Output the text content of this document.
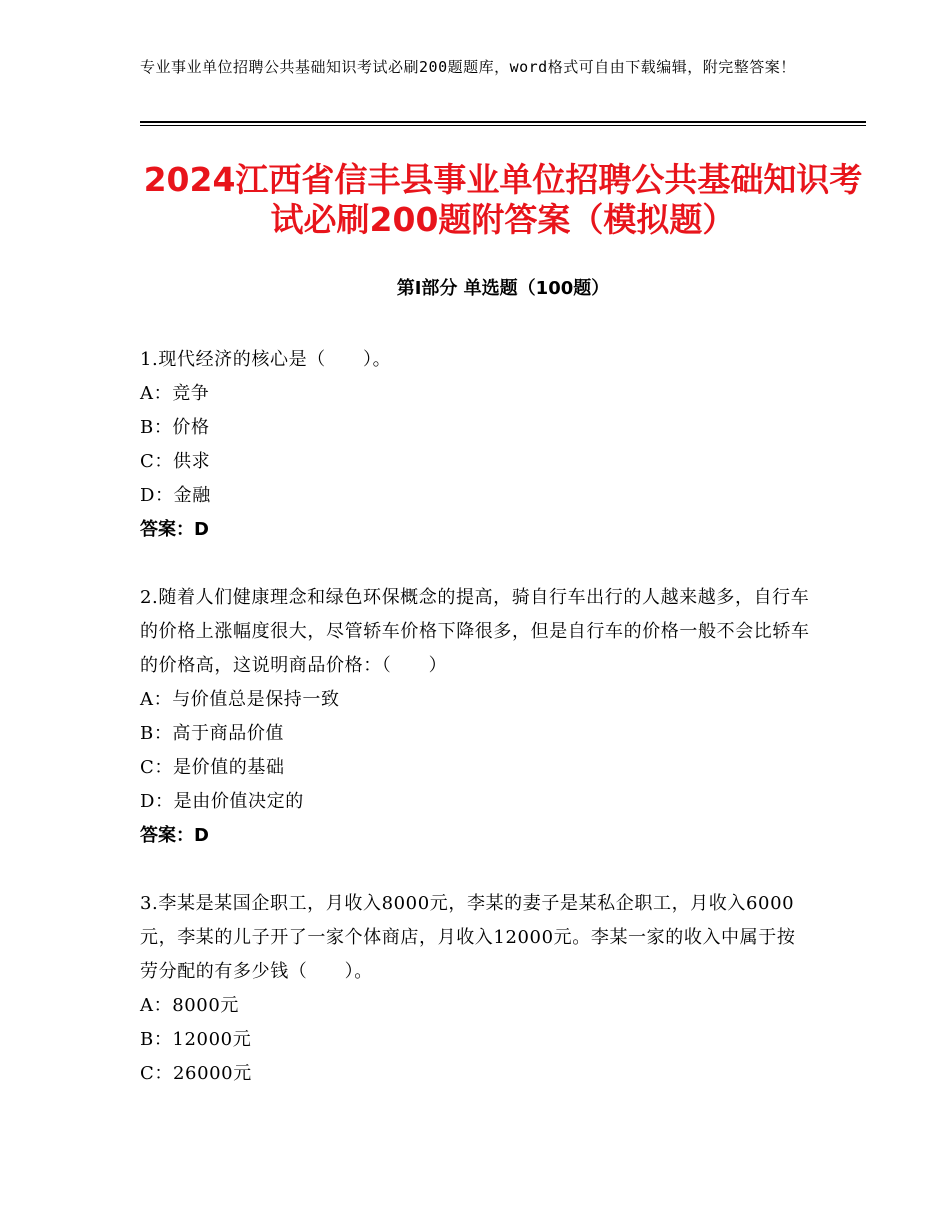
专业事业单位招聘公共基础知识考试必刷200题题库，word格式可自由下载编辑，附完整答案！
2024江西省信丰县事业单位招聘公共基础知识考试必刷200题附答案（模拟题）
第Ⅰ部分 单选题（100题）
1.现代经济的核心是（　　）。
A：竞争
B：价格
C：供求
D：金融
答案：D
2.随着人们健康理念和绿色环保概念的提高，骑自行车出行的人越来越多，自行车的价格上涨幅度很大，尽管轿车价格下降很多，但是自行车的价格一般不会比轿车的价格高，这说明商品价格：（　　）
A：与价值总是保持一致
B：高于商品价值
C：是价值的基础
D：是由价值决定的
答案：D
3.李某是某国企职工，月收入8000元，李某的妻子是某私企职工，月收入6000元，李某的儿子开了一家个体商店，月收入12000元。李某一家的收入中属于按劳分配的有多少钱（　　）。
A：8000元
B：12000元
C：26000元
